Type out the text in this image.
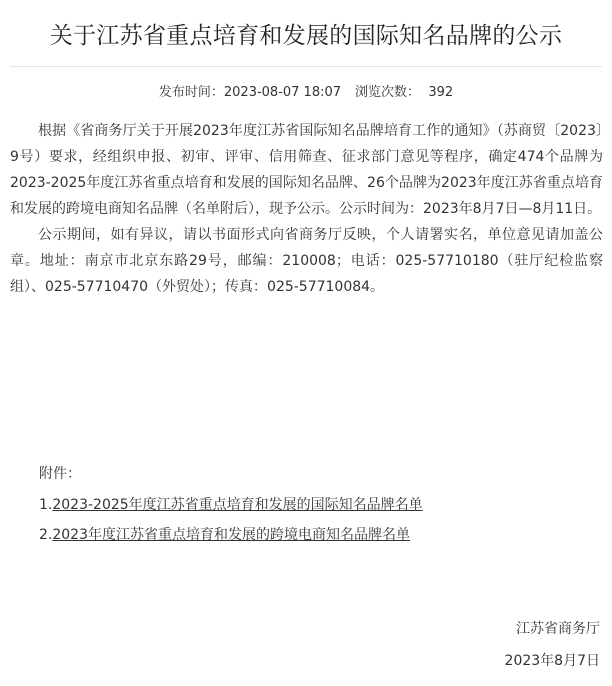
关于江苏省重点培育和发展的国际知名品牌的公示
发布时间：2023-08-07 18:07 浏览次数： 392

根据《省商务厅关于开展2023年度江苏省国际知名品牌培育工作的通知》（苏商贸〔2023〕9号）要求，经组织申报、初审、评审、信用筛查、征求部门意见等程序，确定474个品牌为2023-2025年度江苏省重点培育和发展的国际知名品牌、26个品牌为2023年度江苏省重点培育和发展的跨境电商知名品牌（名单附后），现予公示。公示时间为：2023年8月7日—8月11日。

公示期间，如有异议，请以书面形式向省商务厅反映，个人请署实名，单位意见请加盖公章。地址：南京市北京东路29号，邮编：210008；电话：025-57710180（驻厅纪检监察组）、025-57710470（外贸处）；传真：025-57710084。

附件：
1.2023-2025年度江苏省重点培育和发展的国际知名品牌名单
2.2023年度江苏省重点培育和发展的跨境电商知名品牌名单
江苏省商务厅
2023年8月7日
